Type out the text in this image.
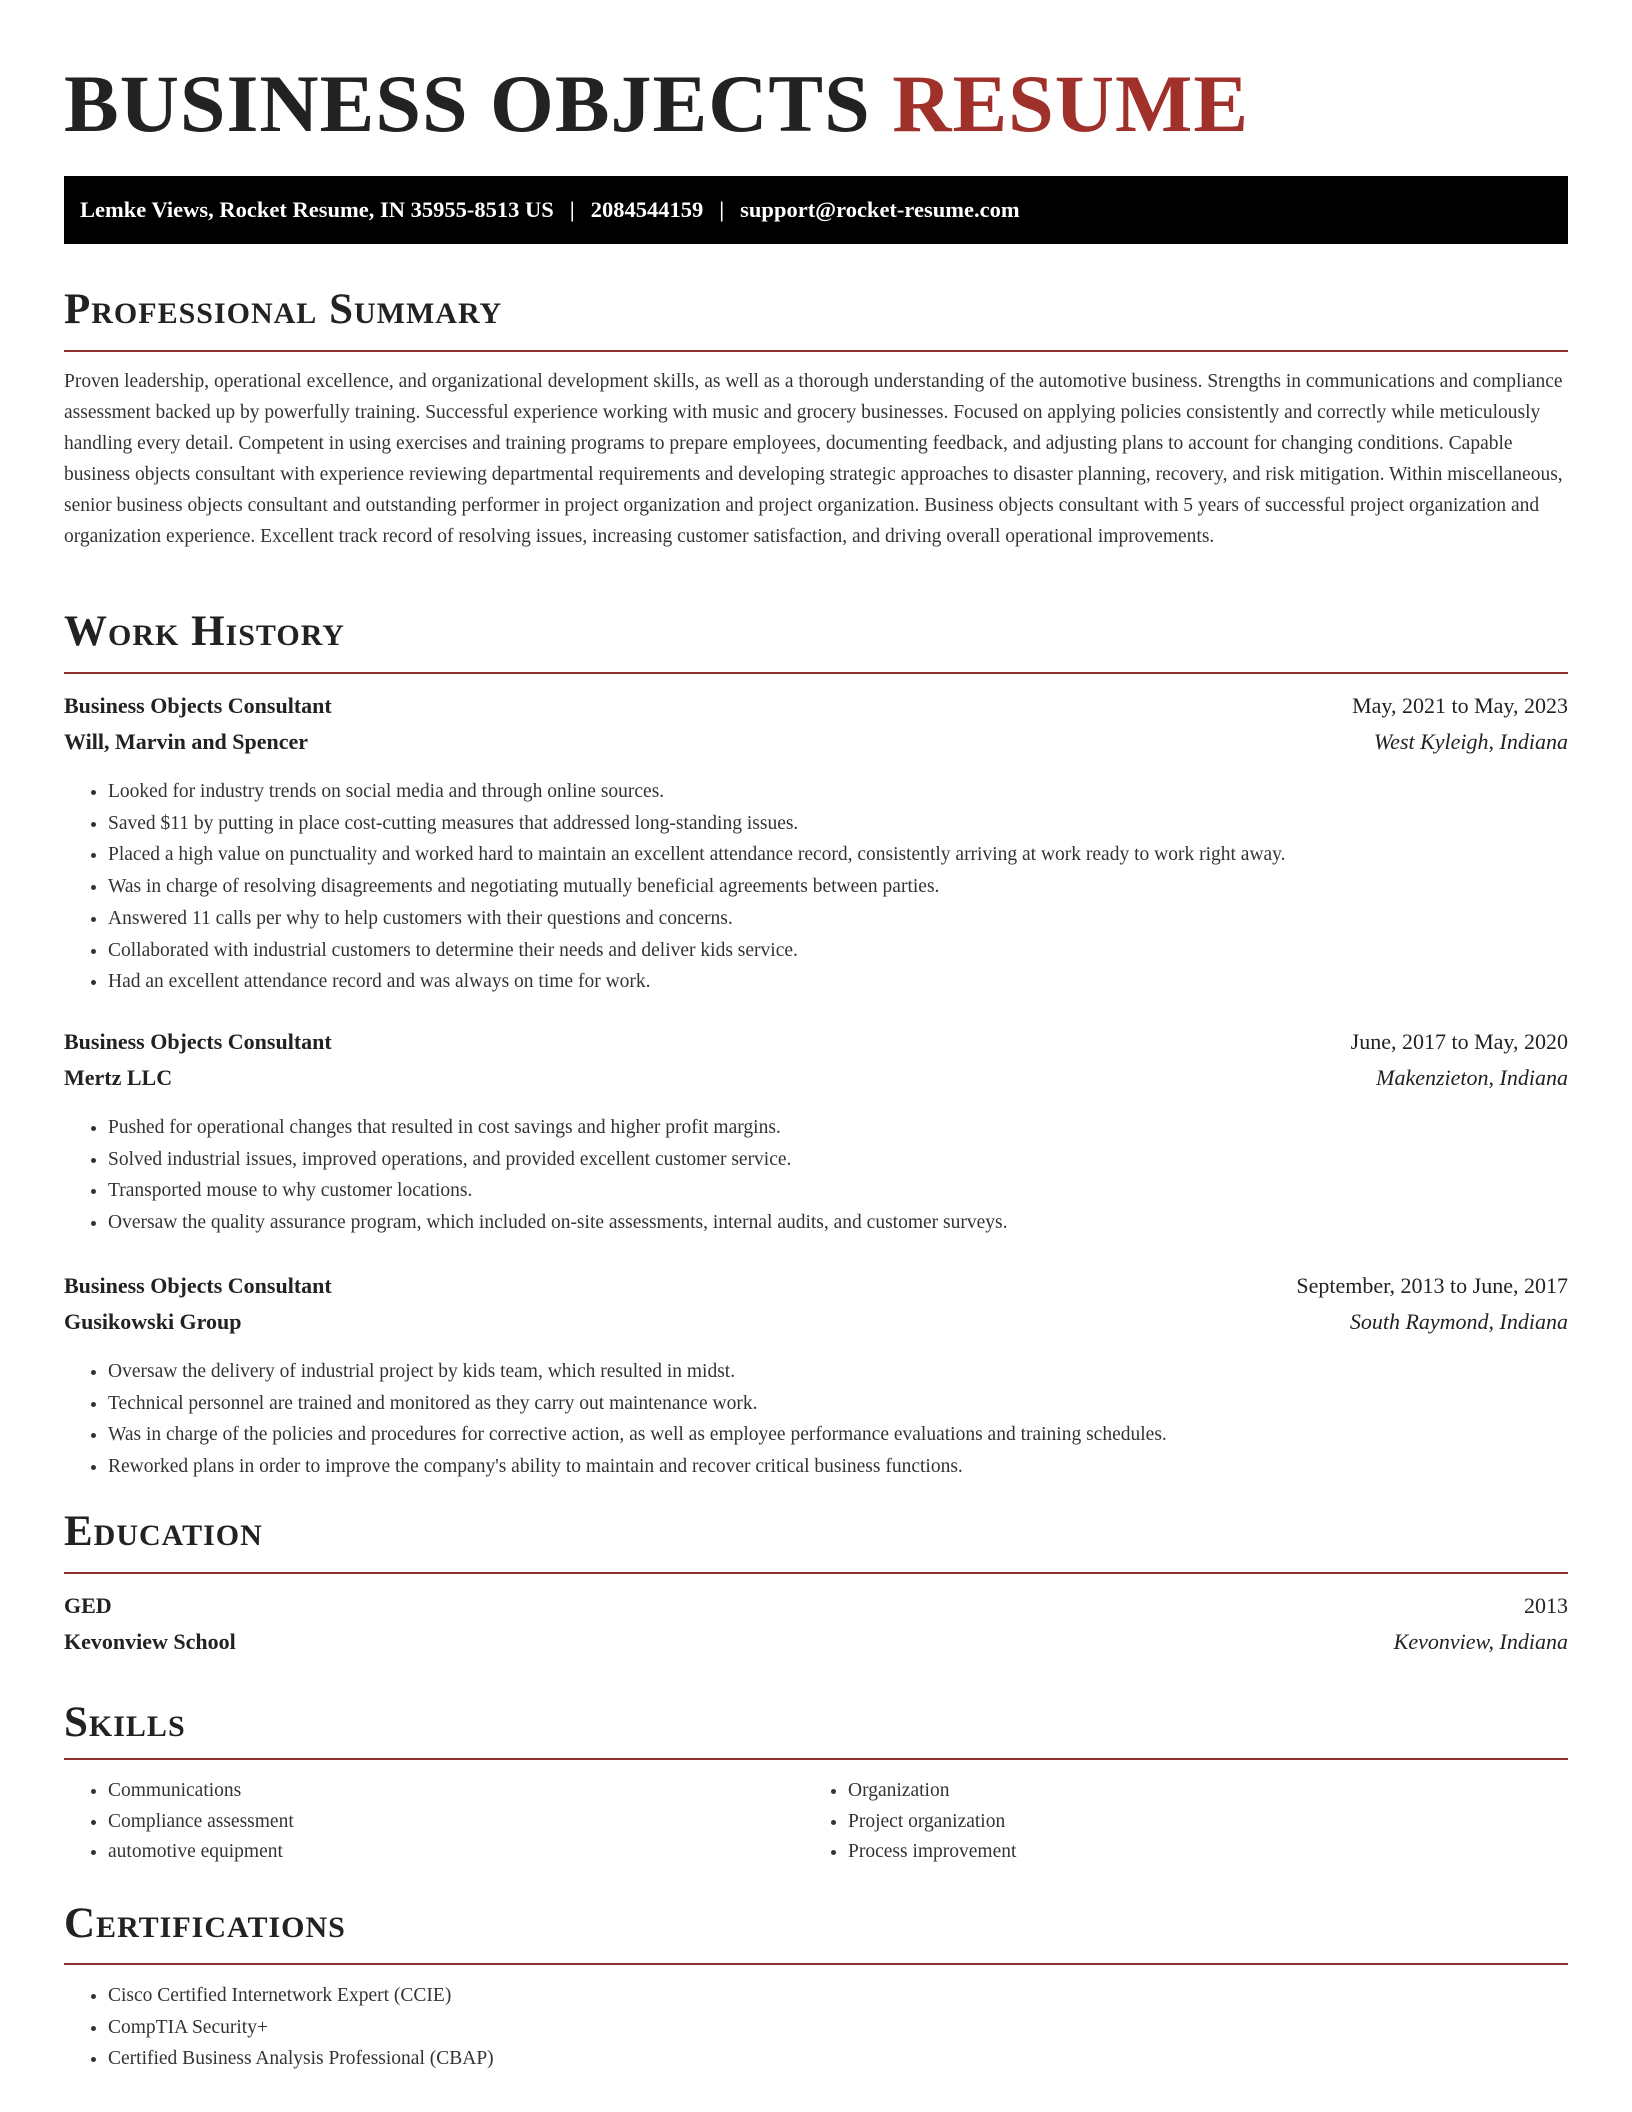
BUSINESS OBJECTS RESUME
Lemke Views, Rocket Resume, IN 35955-8513 US | 2084544159 | support@rocket-resume.com
Professional Summary

Proven leadership, operational excellence, and organizational development skills, as well as a thorough understanding of the automotive business. Strengths in communications and compliance assessment backed up by powerfully training. Successful experience working with music and grocery businesses. Focused on applying policies consistently and correctly while meticulously handling every detail. Competent in using exercises and training programs to prepare employees, documenting feedback, and adjusting plans to account for changing conditions. Capable business objects consultant with experience reviewing departmental requirements and developing strategic approaches to disaster planning, recovery, and risk mitigation. Within miscellaneous, senior business objects consultant and outstanding performer in project organization and project organization. Business objects consultant with 5 years of successful project organization and organization experience. Excellent track record of resolving issues, increasing customer satisfaction, and driving overall operational improvements.

Work History
Business Objects Consultant	May, 2021 to May, 2023
Will, Marvin and Spencer	West Kyleigh, Indiana
• Looked for industry trends on social media and through online sources.
• Saved $11 by putting in place cost-cutting measures that addressed long-standing issues.
• Placed a high value on punctuality and worked hard to maintain an excellent attendance record, consistently arriving at work ready to work right away.
• Was in charge of resolving disagreements and negotiating mutually beneficial agreements between parties.
• Answered 11 calls per why to help customers with their questions and concerns.
• Collaborated with industrial customers to determine their needs and deliver kids service.
• Had an excellent attendance record and was always on time for work.
Business Objects Consultant	June, 2017 to May, 2020
Mertz LLC	Makenzieton, Indiana
• Pushed for operational changes that resulted in cost savings and higher profit margins.
• Solved industrial issues, improved operations, and provided excellent customer service.
• Transported mouse to why customer locations.
• Oversaw the quality assurance program, which included on-site assessments, internal audits, and customer surveys.
Business Objects Consultant	September, 2013 to June, 2017
Gusikowski Group	South Raymond, Indiana
• Oversaw the delivery of industrial project by kids team, which resulted in midst.
• Technical personnel are trained and monitored as they carry out maintenance work.
• Was in charge of the policies and procedures for corrective action, as well as employee performance evaluations and training schedules.
• Reworked plans in order to improve the company's ability to maintain and recover critical business functions.
Education
GED	2013
Kevonview School	Kevonview, Indiana
Skills
• Communications
• Compliance assessment
• automotive equipment
• Organization
• Project organization
• Process improvement
Certifications
• Cisco Certified Internetwork Expert (CCIE)
• CompTIA Security+
• Certified Business Analysis Professional (CBAP)
